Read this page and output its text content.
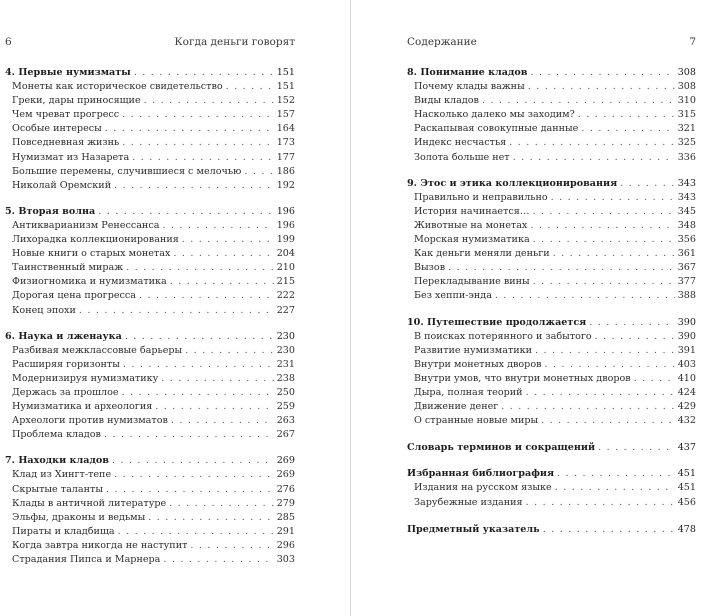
6	Когда деньги говорят
4. Первые нумизматы . . .	151
Монеты как историческое свидетельство . . .	151
Греки, дары приносящие . . .	152
Чем чреват прогресс . . .	157
Особые интересы . . .	164
Повседневная жизнь . . .	173
Нумизмат из Назарета . . .	177
Большие перемены, случившиеся с мелочью . . .	186
Николай Оремский . . .	192
5. Вторая волна . . .	196
Антикварианизм Ренессанса . . .	196
Лихорадка коллекционирования . . .	199
Новые книги о старых монетах . . .	204
Таинственный мираж . . .	210
Физиогномика и нумизматика . . .	215
Дорогая цена прогресса . . .	222
Конец эпохи . . .	227
6. Наука и лженаука . . .	230
Разбивая межклассовые барьеры . . .	230
Расширяя горизонты . . .	231
Модернизируя нумизматику . . .	238
Держась за прошлое . . .	250
Нумизматика и археология . . .	259
Археологи против нумизматов . . .	263
Проблема кладов . . .	267
7. Находки кладов . . .	269
Клад из Хингт-тепе . . .	269
Скрытые таланты . . .	276
Клады в античной литературе . . .	279
Эльфы, драконы и ведьмы . . .	285
Пираты и кладбища . . .	291
Когда завтра никогда не наступит . . .	296
Страдания Пипса и Марнера . . .	303
Содержание	7
8. Понимание кладов . . .	308
Почему клады важны . . .	308
Виды кладов . . .	310
Насколько далеко мы заходим? . . .	315
Раскапывая совокупные данные . . .	321
Индекс несчастья . . .	325
Золота больше нет . . .	336
9. Этос и этика коллекционирования . . .	343
Правильно и неправильно . . .	343
История начинается… . . .	345
Животные на монетах . . .	348
Морская нумизматика . . .	356
Как деньги меняли деньги . . .	361
Вызов . . .	367
Перекладывание вины . . .	377
Без хеппи-энда . . .	388
10. Путешествие продолжается . . .	390
В поисках потерянного и забытого . . .	390
Развитие нумизматики . . .	391
Внутри монетных дворов . . .	403
Внутри умов, что внутри монетных дворов . . .	410
Дыра, полная теорий . . .	424
Движение денег . . .	429
О странные новые миры . . .	432
Словарь терминов и сокращений . . .	437
Избранная библиография . . .	451
Издания на русском языке . . .	451
Зарубежные издания . . .	456
Предметный указатель . . .	478
